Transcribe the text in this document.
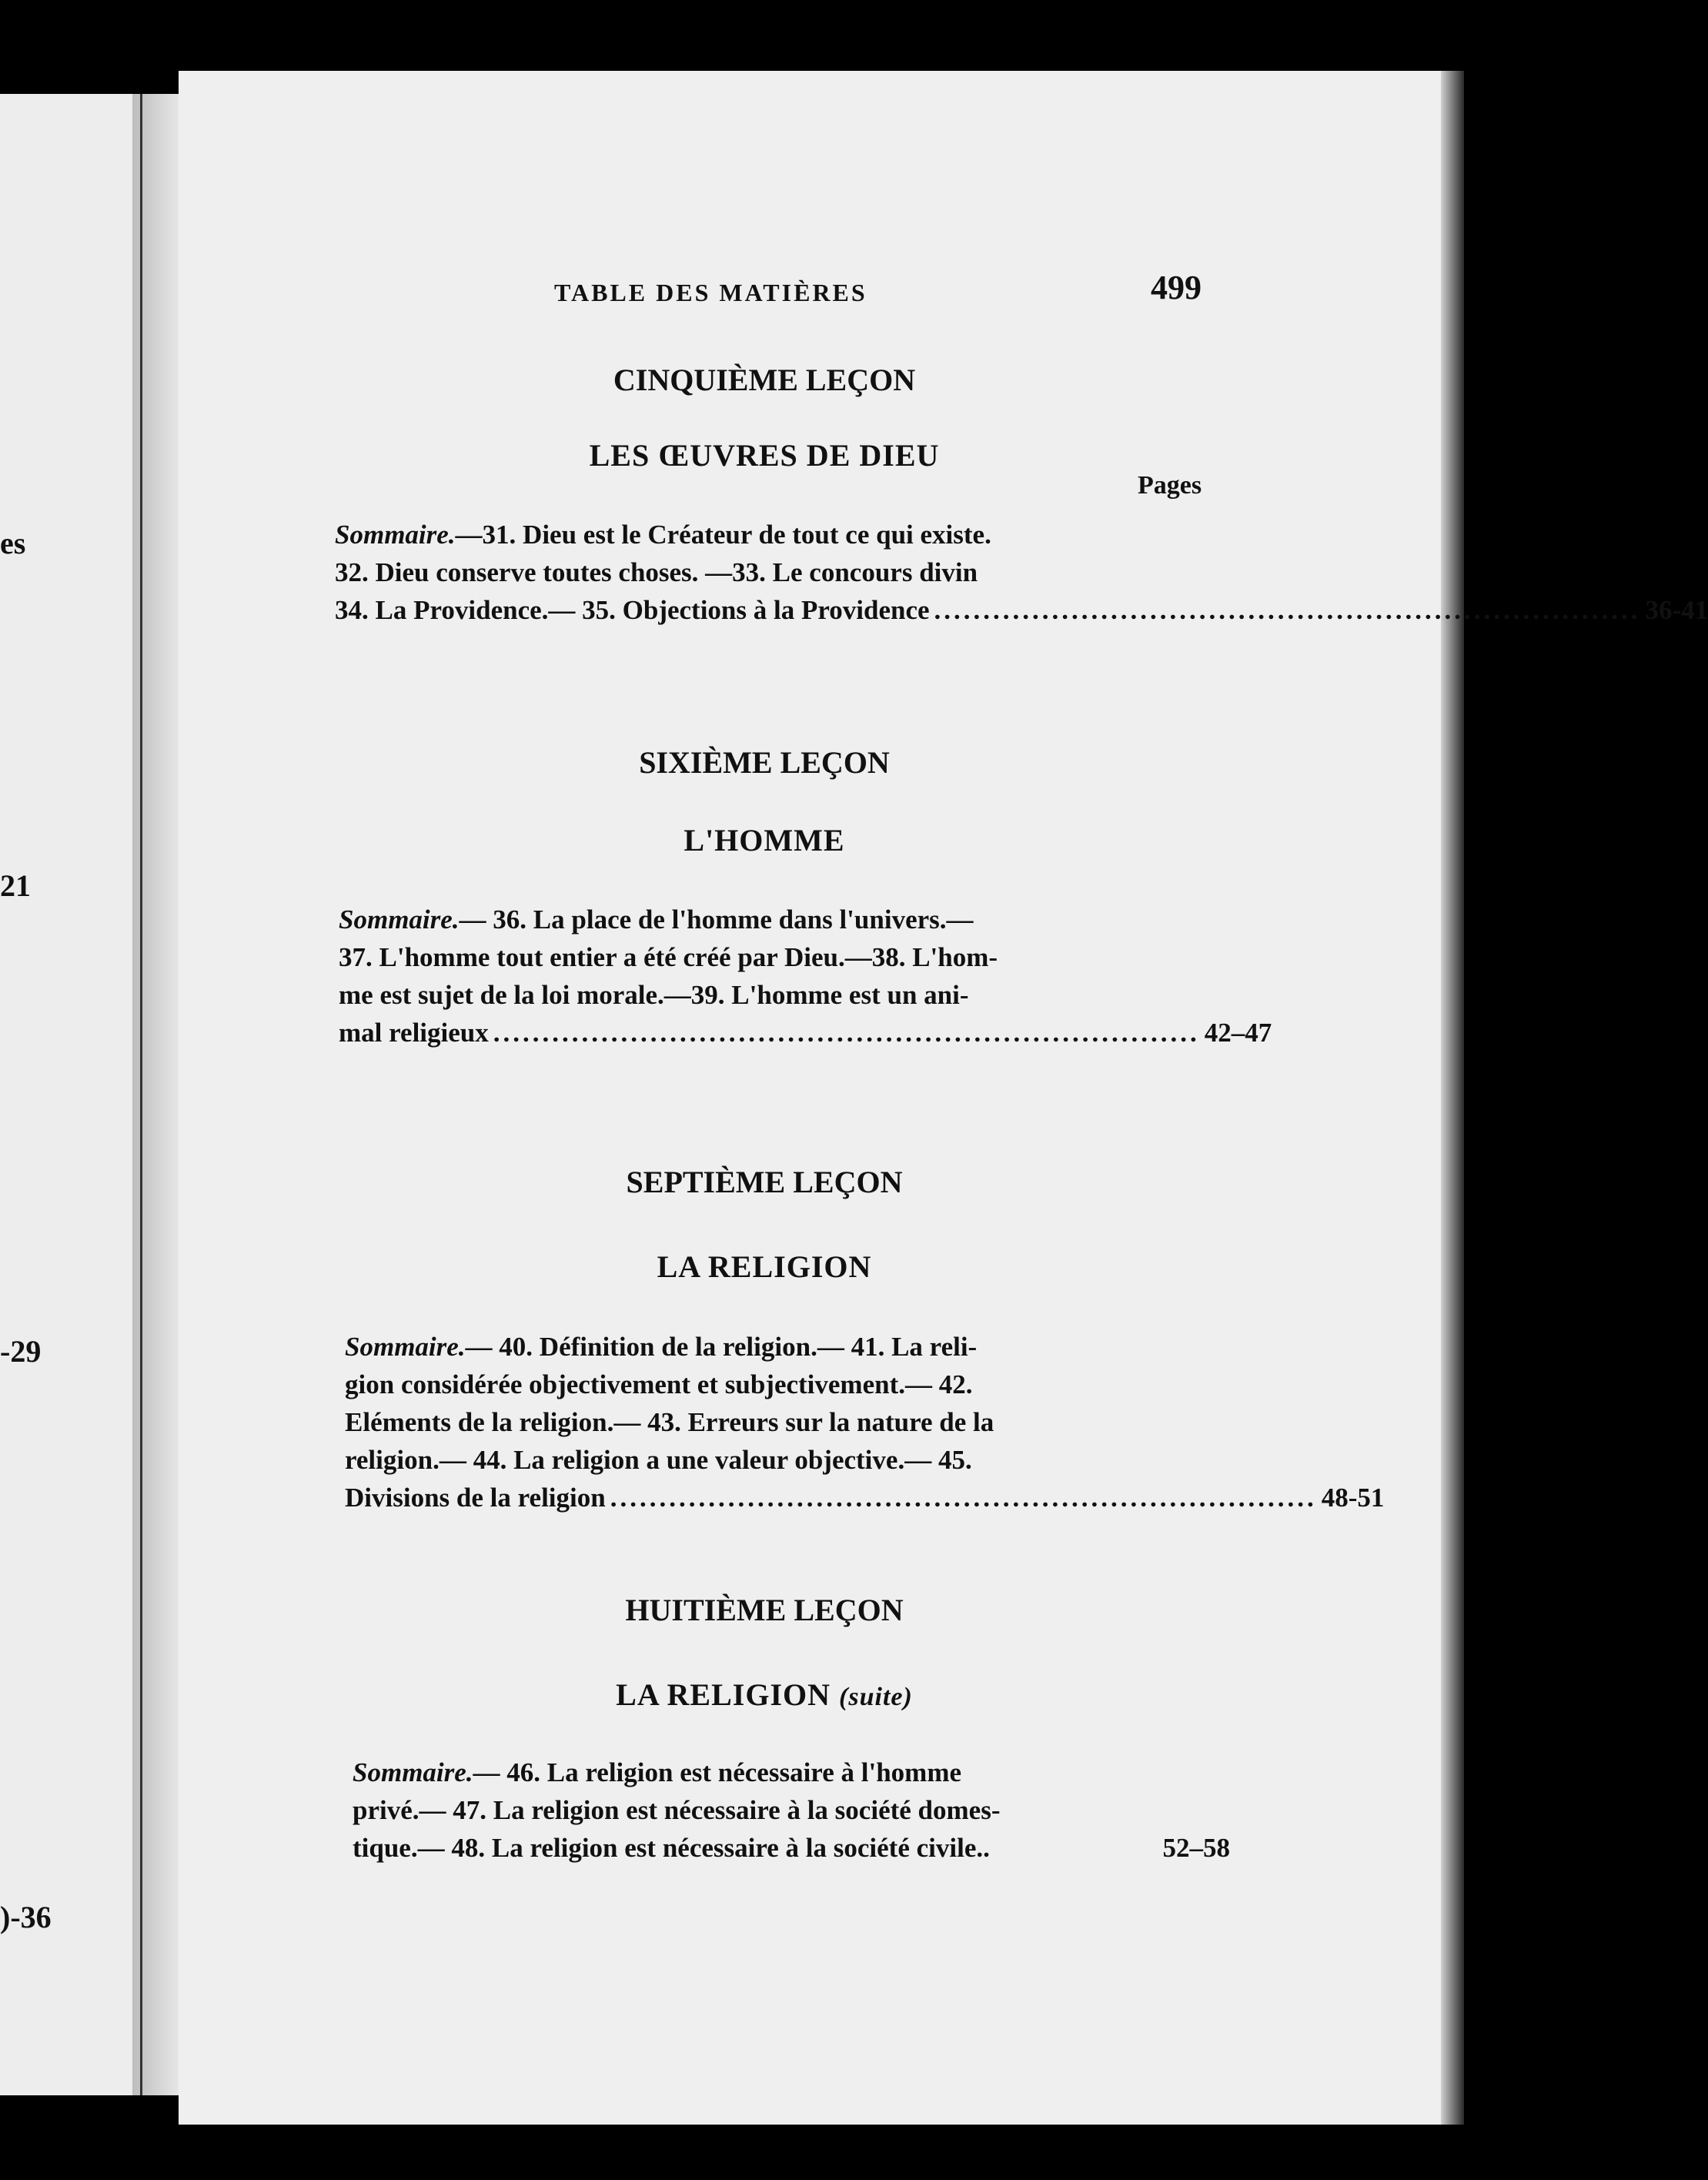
es
21
-29
)-36
TABLE DES MATIÈRES	499
Pages
CINQUIÈME LEÇON
LES ŒUVRES DE DIEU
Sommaire. —31. Dieu est le Créateur de tout ce qui existe.
32. Dieu conserve toutes choses. —33. Le concours divin
34. La Providence.— 35. Objections à la Providence ........................................................................ 36-41
SIXIÈME LEÇON
L'HOMME
Sommaire. — 36. La place de l'homme dans l'univers.—
37. L'homme tout entier a été créé par Dieu.—38. L'hom-
me est sujet de la loi morale.—39. L'homme est un ani-
mal religieux ........................................................................ 42–47
SEPTIÈME LEÇON
LA RELIGION
Sommaire. — 40. Définition de la religion.— 41. La reli-
gion considérée objectivement et subjectivement.— 42.
Eléments de la religion.— 43. Erreurs sur la nature de la
religion.— 44. La religion a une valeur objective.— 45.
Divisions de la religion ........................................................................ 48-51
HUITIÈME LEÇON
LA RELIGION (suite)
Sommaire. — 46. La religion est nécessaire à l'homme
privé.— 47. La religion est nécessaire à la société domes-
tique.— 48. La religion est nécessaire à la société civile..	52–58
